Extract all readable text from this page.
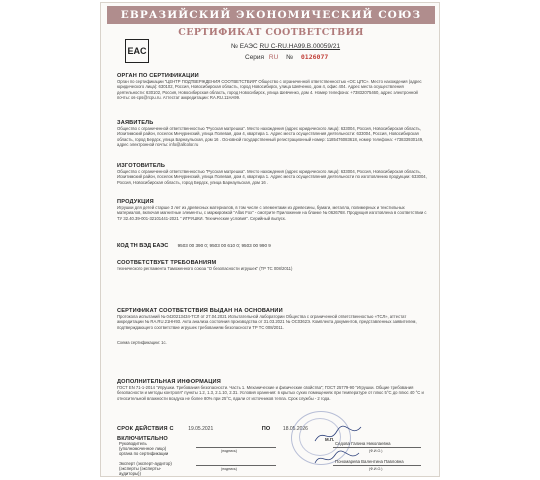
ЕВРАЗИЙСКИЙ ЭКОНОМИЧЕСКИЙ СОЮЗ
СЕРТИФИКАТ СООТВЕТСТВИЯ
EAC	№ ЕАЭС RU C-RU.HA99.B.00059/21
Серия RU № 0126077
ОРГАН ПО СЕРТИФИКАЦИИ
Орган по сертификации "ЦЕНТР ПОДТВЕРЖДЕНИЯ СООТВЕТСТВИЯ" Общество с ограниченной ответственностью «ОС ЦПС». Место нахождения (адрес юридического лица): 630102, Россия, Новосибирская область, город Новосибирск, улица Шевченко, дом 4, офис 404. Адрес места осуществления деятельности: 630102, Россия, Новосибирская область, город Новосибирск, улица Шевченко, дом 4. Номер телефона: +73832075460, адрес электронной почты: os-cps@rcpu.ru. Аттестат аккредитации: RA.RU.11HA99.
ЗАЯВИТЕЛЬ
Общество с ограниченной ответственностью "Русская матрешка". Место нахождения (адрес юридического лица): 633004, Россия, Новосибирская область, Искитимский район, поселок Мичуринский, улица Полевая, дом 4, квартира 1. Адрес места осуществления деятельности: 633004, Россия, Новосибирская область, город Бердск, улица Барнаульская, дом 16 . Основной государственный регистрационный номер: 1185476083618, номер телефона: +73833930149, адрес электронной почты: info@allcolor.ru
ИЗГОТОВИТЕЛЬ
Общество с ограниченной ответственностью "Русская матрешка". Место нахождения (адрес юридического лица): 633004, Россия, Новосибирская область, Искитимский район, поселок Мичуринский, улица Полевая, дом 4, квартира 1. Адрес места осуществления деятельности по изготовлению продукции: 633004, Россия, Новосибирская область, город Бердск, улица Барнаульская, дом 16 .
ПРОДУКЦИЯ
Игрушки для детей старше 3 лет из древесных материалов, в том числе с элементами из древесины, бумаги, металла, полимерных и текстильных материалов, включая магнитные элементы, с маркировкой "Allas Fox" - смотрите Приложение на бланке № 0626768. Продукция изготовлена в соответствии с ТУ 32.40.39-001-32101441-2021 " ИГРУШКИ. Технические условия". Серийный выпуск.
КОД ТН ВЭД ЕАЭС 9503 00 390 0; 9503 00 610 0; 9503 00 990 9
СООТВЕТСТВУЕТ ТРЕБОВАНИЯМ
технического регламента Таможенного союза "О безопасности игрушек" (ТР ТС 008/2011)
СЕРТИФИКАТ СООТВЕТСТВИЯ ВЫДАН НА ОСНОВАНИИ
Протокола испытаний № 0420213434-ТСЛ от 27.04.2021 Испытательной лаборатории Общества с ограниченной ответственностью «ТСЛ», аттестат аккредитации № RA.RU.21HH93. Акта анализа состояния производства от 31.03.2021 № ОС0362Э. Комплекта документов, представленных заявителем, подтверждающего соответствие игрушек требованиям безопасности ТР ТС 008/2011.
Схема сертификации: 1с.
ДОПОЛНИТЕЛЬНАЯ ИНФОРМАЦИЯ
ГОСТ EN 71-1-2014 "Игрушки. Требования безопасности. Часть 1. Механические и физические свойства"; ГОСТ 25779-90 "Игрушки. Общие требования безопасности и методы контроля" пункты 1.2, 1.3, 2.1.10, 2.31. Условия хранения: в крытых сухих помещениях при температуре от плюс 5°С до плюс 40 °С и относительной влажности воздуха не более 80% при 25°С, вдали от источников тепла. Срок службы - 2 года.
СРОК ДЕЙСТВИЯ С	19.05.2021	ПО 18.05.2026
ВКЛЮЧИТЕЛЬНО	М.П.
Руководитель (уполномоченное лицо) органа по сертификации	(подпись)
Седова Галина Николаевна
(Ф.И.О.)
Эксперт (эксперт-аудитор) (эксперты (эксперты-аудиторы))
(подпись)
Пономарева Валентина Павловна
(Ф.И.О.)
